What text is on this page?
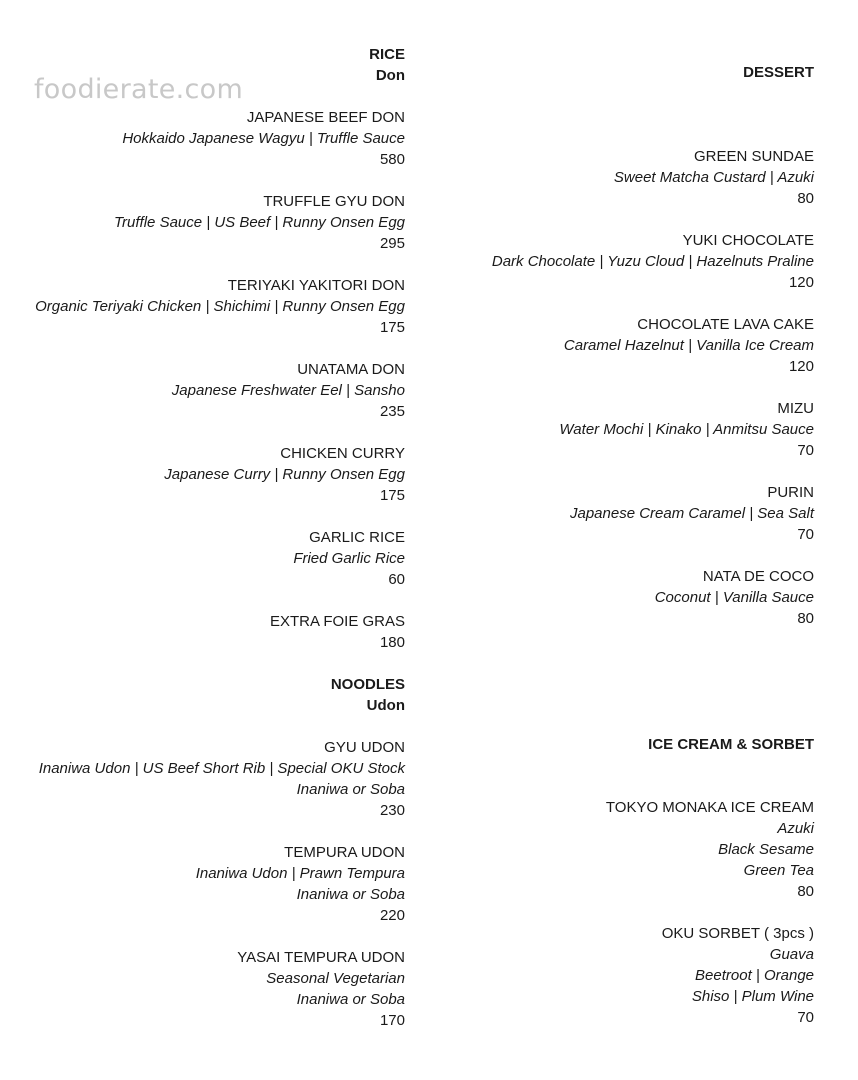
foodierate.com
RICE
Don
JAPANESE BEEF DON
Hokkaido Japanese Wagyu | Truffle Sauce
580
TRUFFLE GYU DON
Truffle Sauce | US Beef | Runny Onsen Egg
295
TERIYAKI YAKITORI DON
Organic Teriyaki Chicken | Shichimi | Runny Onsen Egg
175
UNATAMA DON
Japanese Freshwater Eel | Sansho
235
CHICKEN CURRY
Japanese Curry | Runny Onsen Egg
175
GARLIC RICE
Fried Garlic Rice
60
EXTRA FOIE GRAS
180
NOODLES
Udon
GYU UDON
Inaniwa Udon | US Beef Short Rib | Special OKU Stock
Inaniwa or Soba
230
TEMPURA UDON
Inaniwa Udon | Prawn Tempura
Inaniwa or Soba
220
YASAI TEMPURA UDON
Seasonal Vegetarian
Inaniwa or Soba
170
DESSERT
GREEN SUNDAE
Sweet Matcha Custard | Azuki
80
YUKI CHOCOLATE
Dark Chocolate | Yuzu Cloud | Hazelnuts Praline
120
CHOCOLATE LAVA CAKE
Caramel Hazelnut | Vanilla Ice Cream
120
MIZU
Water Mochi | Kinako | Anmitsu Sauce
70
PURIN
Japanese Cream Caramel | Sea Salt
70
NATA DE COCO
Coconut | Vanilla Sauce
80
ICE CREAM & SORBET
TOKYO MONAKA ICE CREAM
Azuki
Black Sesame
Green Tea
80
OKU SORBET ( 3pcs )
Guava
Beetroot | Orange
Shiso | Plum Wine
70
